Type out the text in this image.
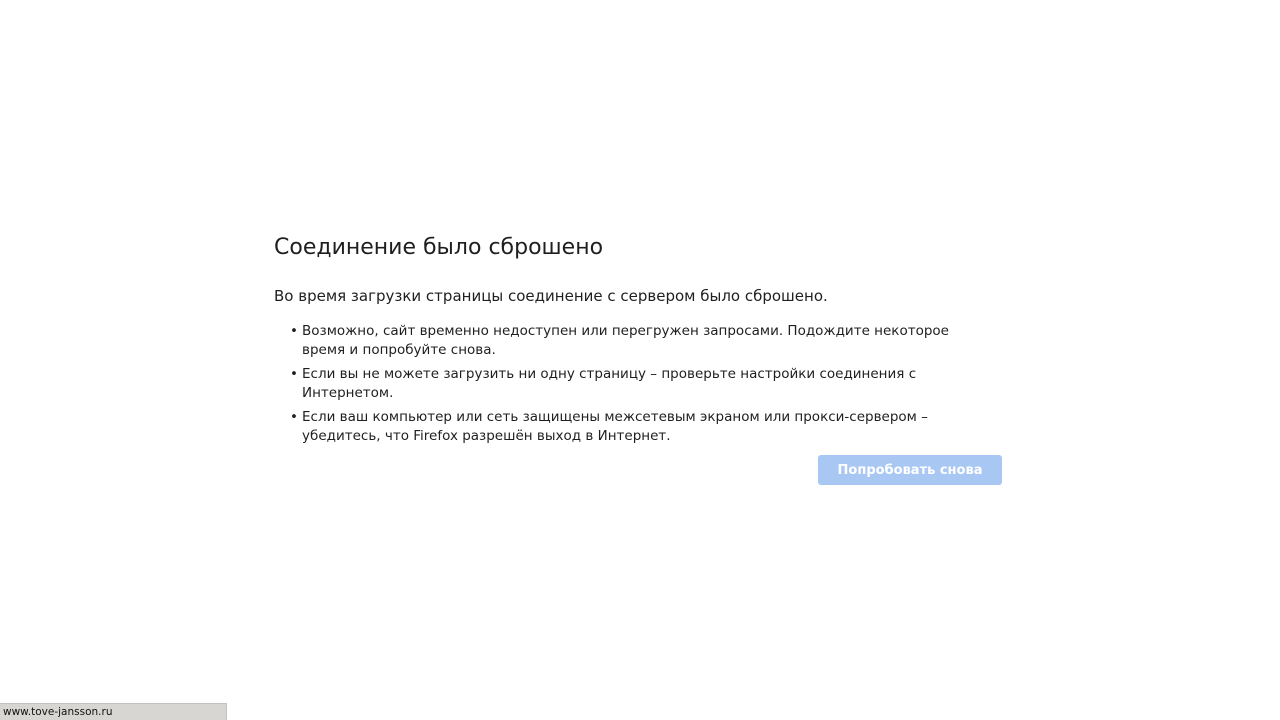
Соединение было сброшено

Во время загрузки страницы соединение с сервером было сброшено.

• Возможно, сайт временно недоступен или перегружен запросами. Подождите некоторое время и попробуйте снова.
• Если вы не можете загрузить ни одну страницу – проверьте настройки соединения с Интернетом.
• Если ваш компьютер или сеть защищены межсетевым экраном или прокси-сервером – убедитесь, что Firefox разрешён выход в Интернет.
Попробовать снова
www.tove-jansson.ru
